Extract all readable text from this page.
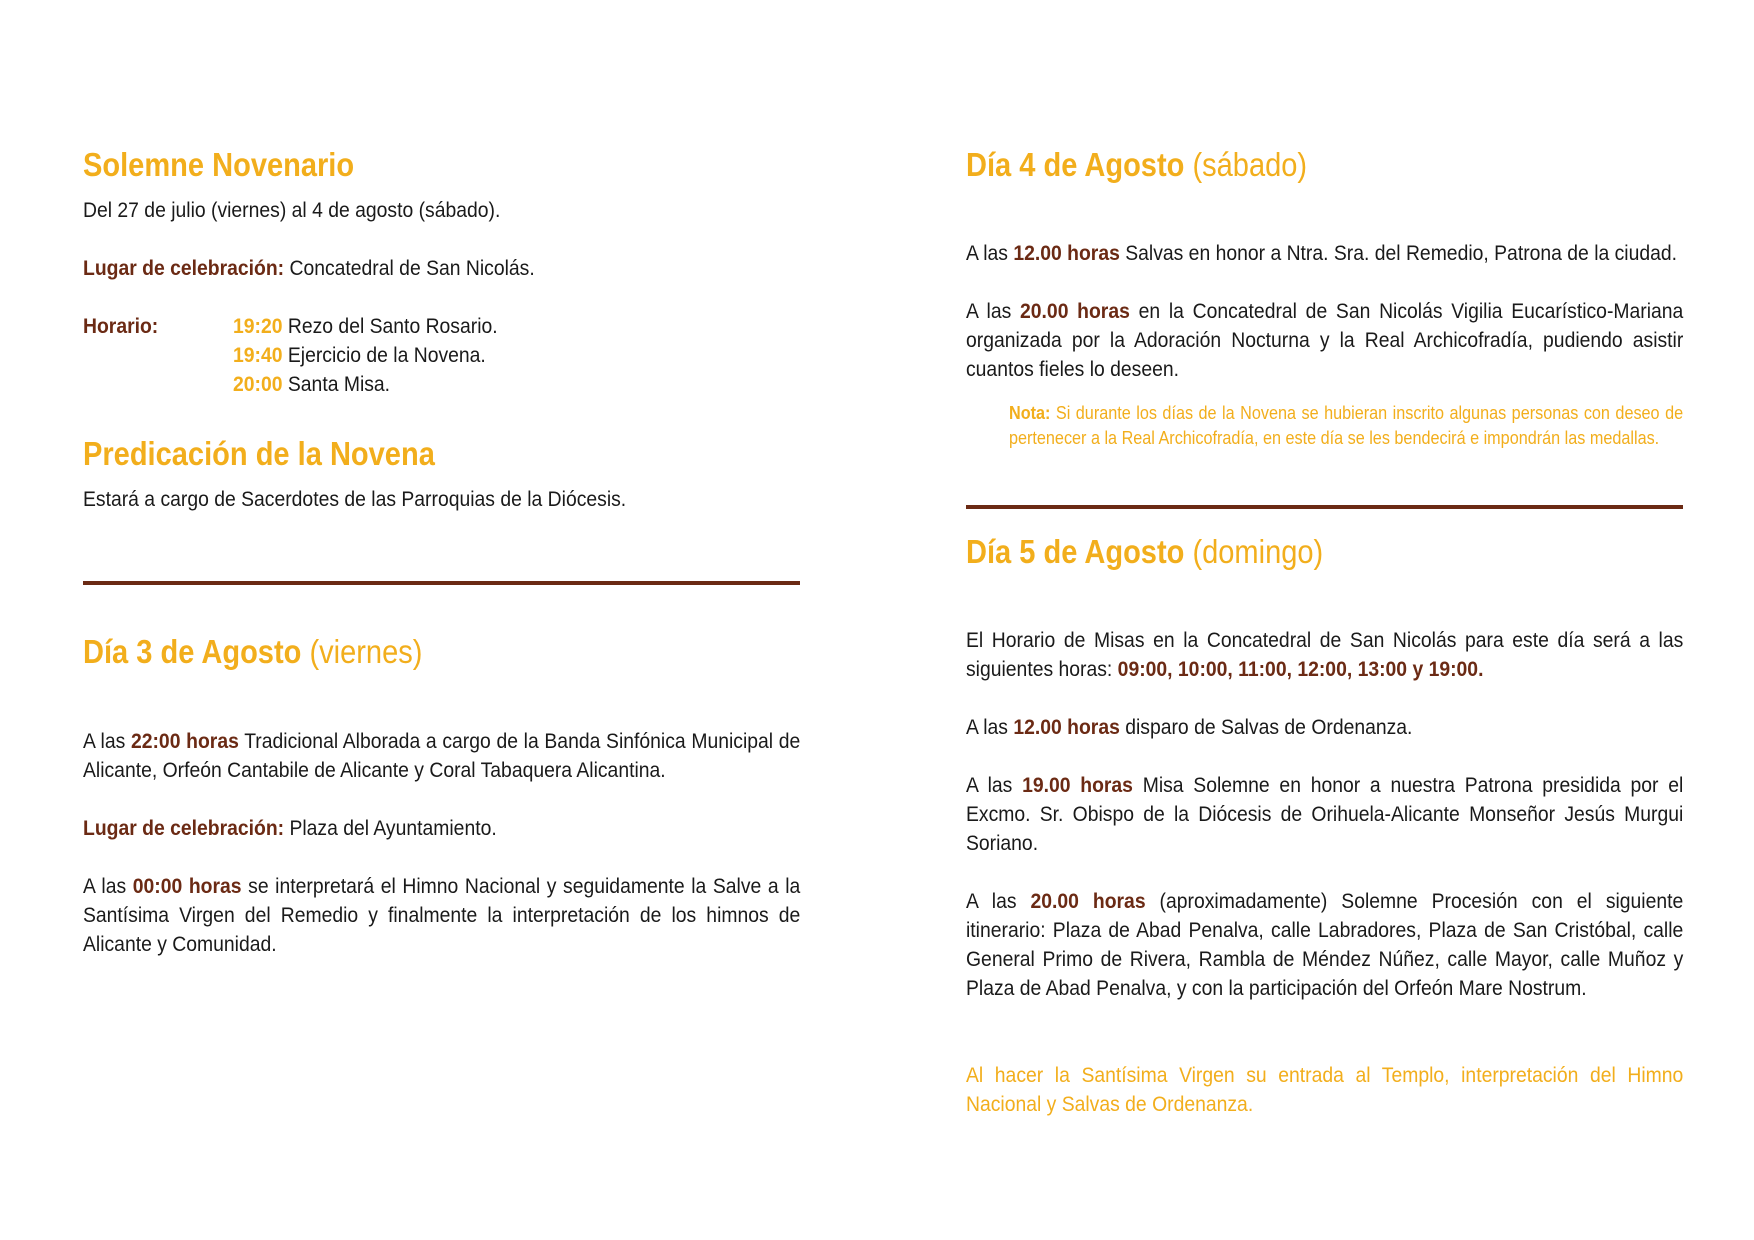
Solemne Novenario

Del 27 de julio (viernes) al 4 de agosto (sábado).

Lugar de celebración: Concatedral de San Nicolás.

Horario:	19:20 Rezo del Santo Rosario.
19:40 Ejercicio de la Novena.
20:00 Santa Misa.
Predicación de la Novena

Estará a cargo de Sacerdotes de las Parroquias de la Diócesis.

Día 3 de Agosto (viernes)

A las 22:00 horas Tradicional Alborada a cargo de la Banda Sinfónica Municipal de Alicante, Orfeón Cantabile de Alicante y Coral Tabaquera Alicantina.

Lugar de celebración: Plaza del Ayuntamiento.

A las 00:00 horas se interpretará el Himno Nacional y seguidamente la Salve a la Santísima Virgen del Remedio y finalmente la interpretación de los himnos de Alicante y Comunidad.

Día 4 de Agosto (sábado)

A las 12.00 horas Salvas en honor a Ntra. Sra. del Remedio, Patrona de la ciudad.

A las 20.00 horas en la Concatedral de San Nicolás Vigilia Eucarístico-Mariana organizada por la Adoración Nocturna y la Real Archicofradía, pudiendo asistir cuantos fieles lo deseen.

Nota: Si durante los días de la Novena se hubieran inscrito algunas personas con deseo de pertenecer a la Real Archicofradía, en este día se les bendecirá e impondrán las medallas.
Día 5 de Agosto (domingo)

El Horario de Misas en la Concatedral de San Nicolás para este día será a las siguientes horas: 09:00, 10:00, 11:00, 12:00, 13:00 y 19:00.

A las 12.00 horas disparo de Salvas de Ordenanza.

A las 19.00 horas Misa Solemne en honor a nuestra Patrona presidida por el Excmo. Sr. Obispo de la Diócesis de Orihuela-Alicante Monseñor Jesús Murgui Soriano.

A las 20.00 horas (aproximadamente) Solemne Procesión con el siguiente itinerario: Plaza de Abad Penalva, calle Labradores, Plaza de San Cristóbal, calle General Primo de Rivera, Rambla de Méndez Núñez, calle Mayor, calle Muñoz y Plaza de Abad Penalva, y con la participación del Orfeón Mare Nostrum.

Al hacer la Santísima Virgen su entrada al Templo, interpretación del Himno Nacional y Salvas de Ordenanza.
